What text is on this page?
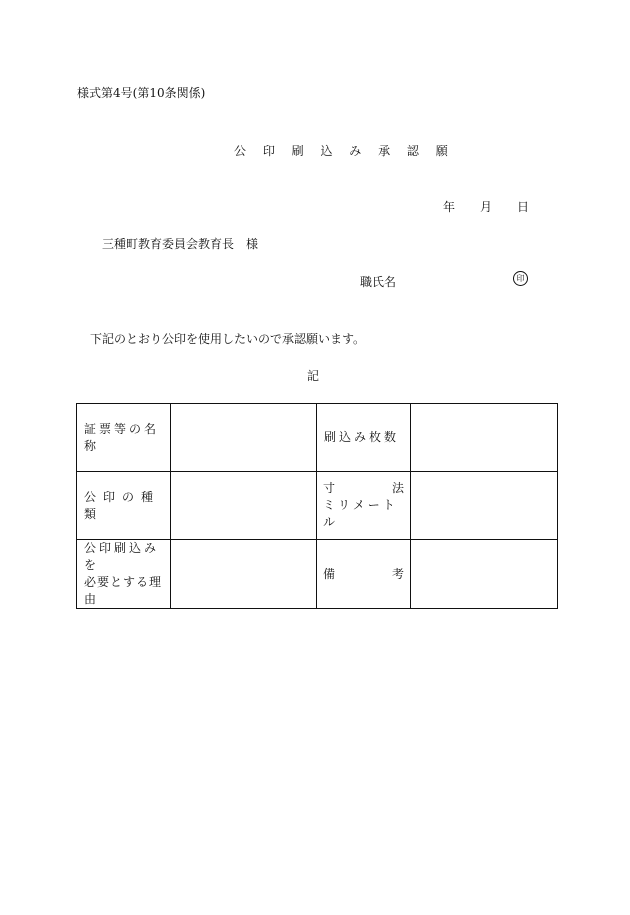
様式第4号(第10条関係)
公 印 刷 込 み 承 認 願
年 月 日
三種町教育委員会教育長 様
職氏名	印
下記のとおり公印を使用したいので承認願います。
記
証票等の名称		刷込み枚数	
公印の種類		寸 法
ミリメートル	

公印刷込みを
必要とする理由		備 考	
